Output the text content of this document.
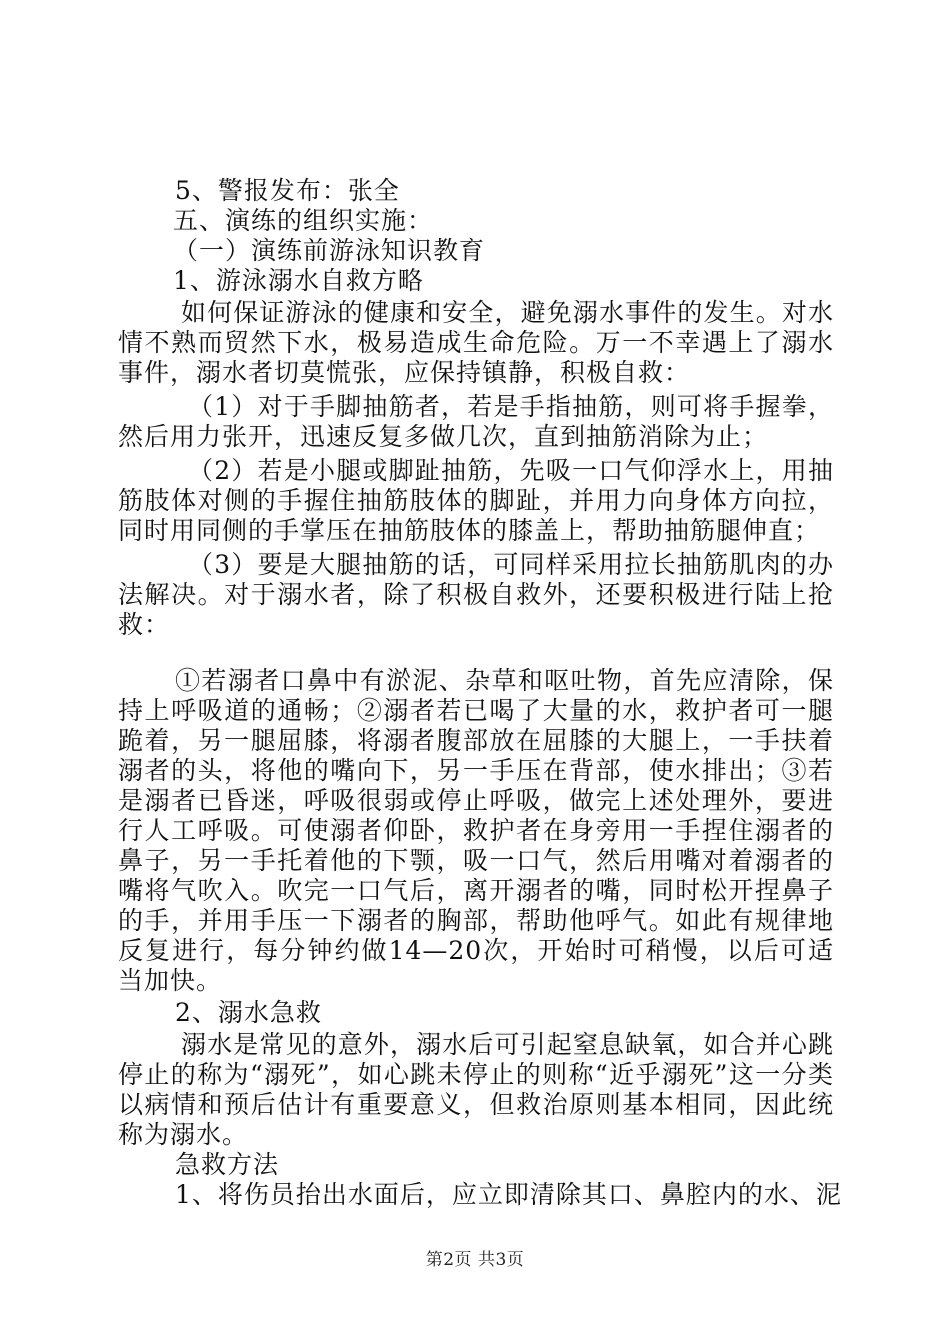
5、警报发布：张全
五、演练的组织实施：
（一）演练前游泳知识教育
1、游泳溺水自救方略

如何保证游泳的健康和安全，避免溺水事件的发生。对水情不熟而贸然下水，极易造成生命危险。万一不幸遇上了溺水事件，溺水者切莫慌张，应保持镇静，积极自救：

（1）对于手脚抽筋者，若是手指抽筋，则可将手握拳，然后用力张开，迅速反复多做几次，直到抽筋消除为止；

（2）若是小腿或脚趾抽筋，先吸一口气仰浮水上，用抽筋肢体对侧的手握住抽筋肢体的脚趾，并用力向身体方向拉，同时用同侧的手掌压在抽筋肢体的膝盖上，帮助抽筋腿伸直；

（3）要是大腿抽筋的话，可同样采用拉长抽筋肌肉的办法解决。对于溺水者，除了积极自救外，还要积极进行陆上抢救：

①若溺者口鼻中有淤泥、杂草和呕吐物，首先应清除，保持上呼吸道的通畅；②溺者若已喝了大量的水，救护者可一腿跪着，另一腿屈膝，将溺者腹部放在屈膝的大腿上，一手扶着溺者的头，将他的嘴向下，另一手压在背部，使水排出；③若是溺者已昏迷，呼吸很弱或停止呼吸，做完上述处理外，要进行人工呼吸。可使溺者仰卧，救护者在身旁用一手捏住溺者的鼻子，另一手托着他的下颚，吸一口气，然后用嘴对着溺者的嘴将气吹入。吹完一口气后，离开溺者的嘴，同时松开捏鼻子的手，并用手压一下溺者的胸部，帮助他呼气。如此有规律地反复进行，每分钟约做14—20次，开始时可稍慢，以后可适当加快。

2、溺水急救

溺水是常见的意外，溺水后可引起窒息缺氧，如合并心跳停止的称为“溺死”，如心跳未停止的则称“近乎溺死”这一分类以病情和预后估计有重要意义，但救治原则基本相同，因此统称为溺水。

急救方法
1、将伤员抬出水面后，应立即清除其口、鼻腔内的水、泥
第2页 共3页
